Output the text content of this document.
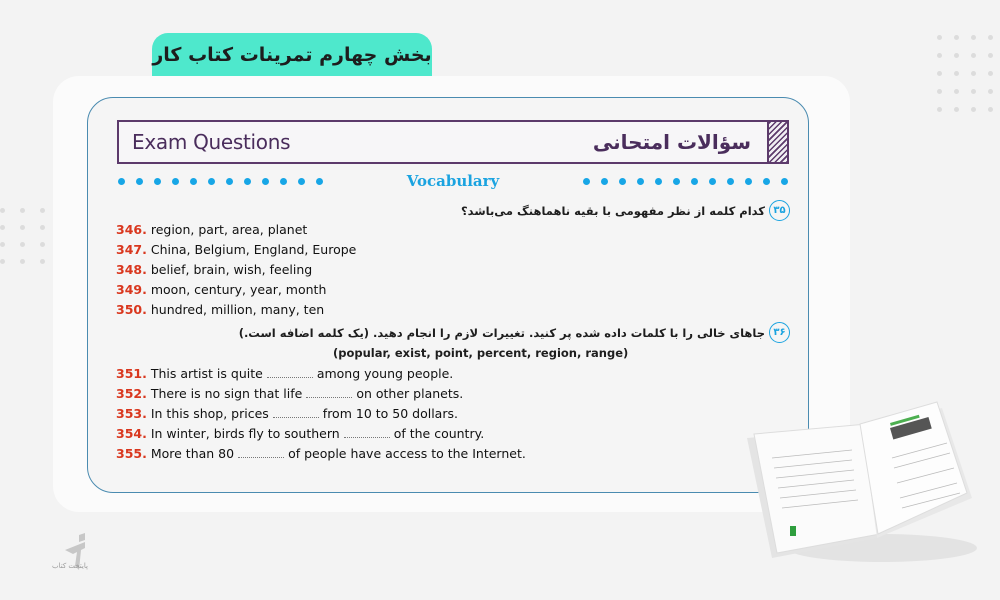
بخش چهارم تمرینات کتاب کار
Exam Questions	سؤالات امتحانی
Vocabulary
۳۵
کدام کلمه از نظر مفهومی با بقیه ناهماهنگ می‌باشد؟
346. region, part, area, planet
347. China, Belgium, England, Europe
348. belief, brain, wish, feeling
349. moon, century, year, month
350. hundred, million, many, ten
۳۶
جاهای خالی را با کلمات داده شده پر کنید. تغییرات لازم را انجام دهید. (یک کلمه اضافه است.)
(popular, exist, point, percent, region, range)
351. This artist is quite	among young people.
352. There is no sign that life	on other planets.
353. In this shop, prices	from 10 to 50 dollars.
354. In winter, birds fly to southern	of the country.
355. More than 80	of people have access to the Internet.
پایتخت کتاب
